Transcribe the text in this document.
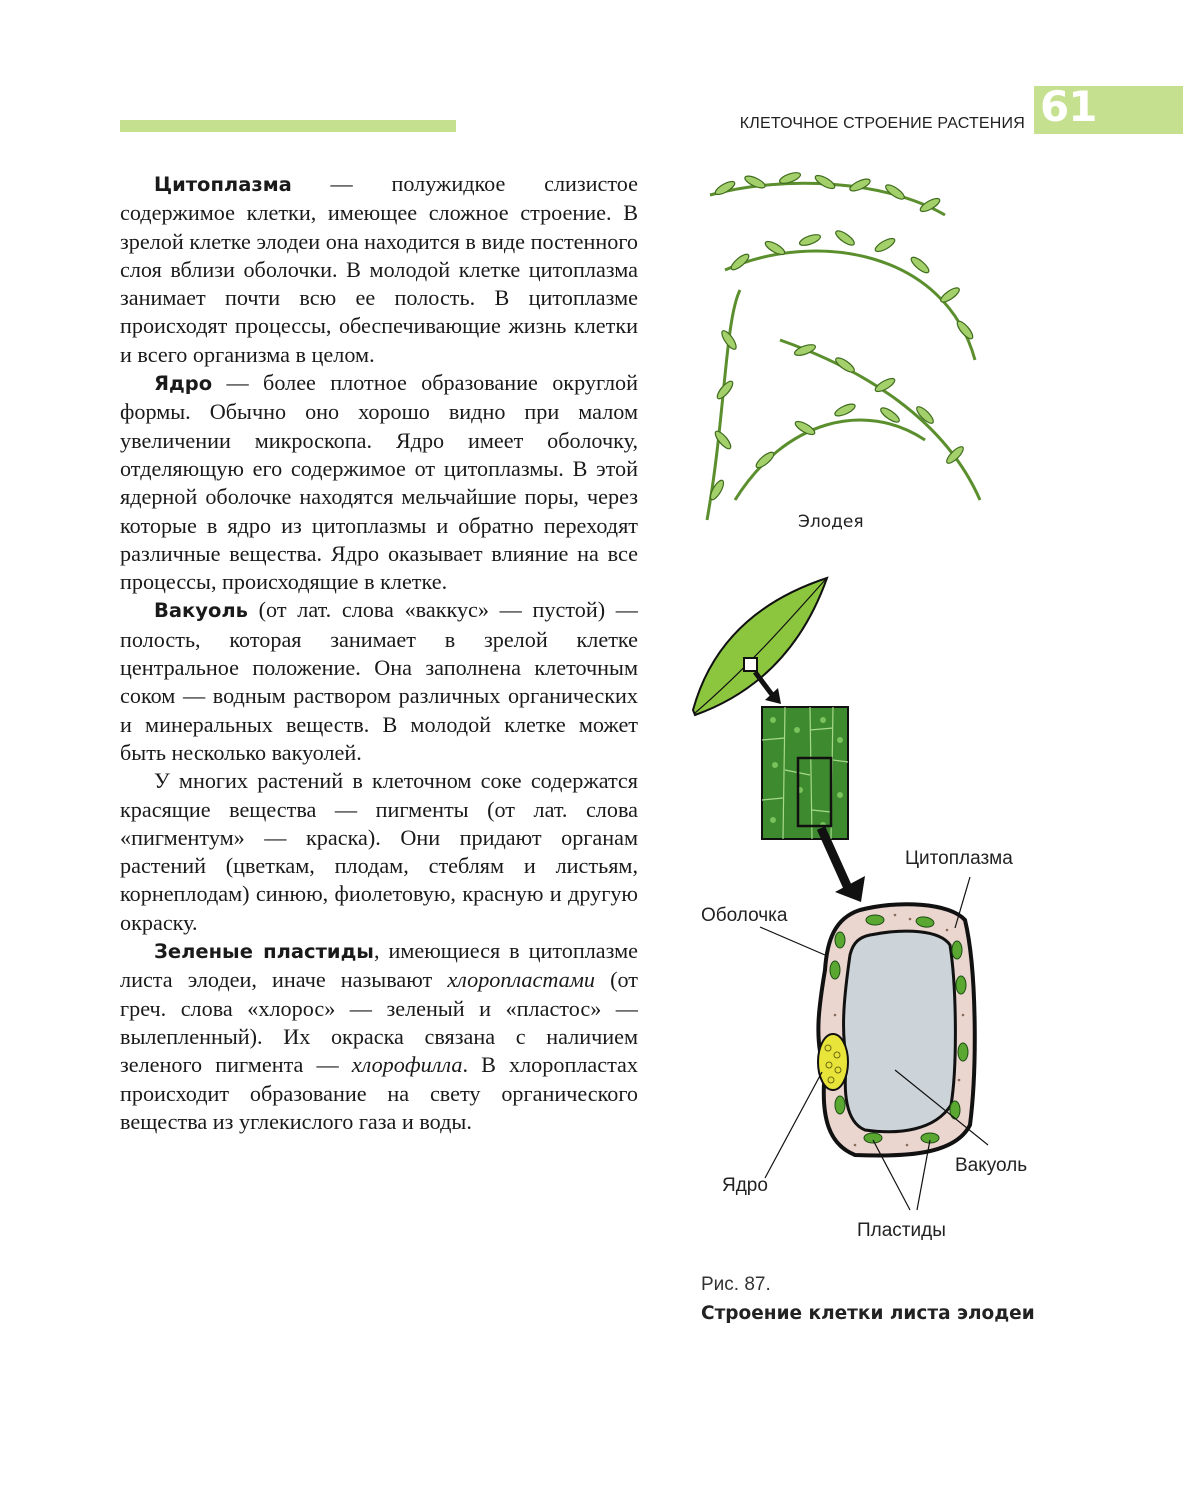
КЛЕТОЧНОЕ СТРОЕНИЕ РАСТЕНИЯ 61

Цитоплазма — полужидкое слизистое содержимое клетки, имеющее сложное строение. В зрелой клетке элодеи она находится в виде постенного слоя вблизи оболочки. В молодой клетке цитоплазма занимает почти всю ее полость. В цитоплазме происходят процессы, обеспечивающие жизнь клетки и всего организма в целом.

Ядро — более плотное образование округлой формы. Обычно оно хорошо видно при малом увеличении микроскопа. Ядро имеет оболочку, отделяющую его содержимое от цитоплазмы. В этой ядерной оболочке находятся мельчайшие поры, через которые в ядро из цитоплазмы и обратно переходят различные вещества. Ядро оказывает влияние на все процессы, происходящие в клетке.

Вакуоль (от лат. слова «ваккус» — пустой) — полость, которая занимает в зрелой клетке центральное положение. Она заполнена клеточным соком — водным раствором различных органических и минеральных веществ. В молодой клетке может быть несколько вакуолей.

У многих растений в клеточном соке содержатся красящие вещества — пигменты (от лат. слова «пигментум» — краска). Они придают органам растений (цветкам, плодам, стеблям и листьям, корнеплодам) синюю, фиолетовую, красную и другую окраску.

Зеленые пластиды, имеющиеся в цитоплазме листа элодеи, иначе называют хлоропластами (от греч. слова «хлорос» — зеленый и «пластос» — вылепленный). Их окраска связана с наличием зеленого пигмента — хлорофилла. В хлоропластах происходит образование на свету органического вещества из углекислого газа и воды.

Элодея
Цитоплазма
Оболочка
Вакуоль
Ядро
Пластиды
Рис. 87.
Строение клетки листа элодеи
